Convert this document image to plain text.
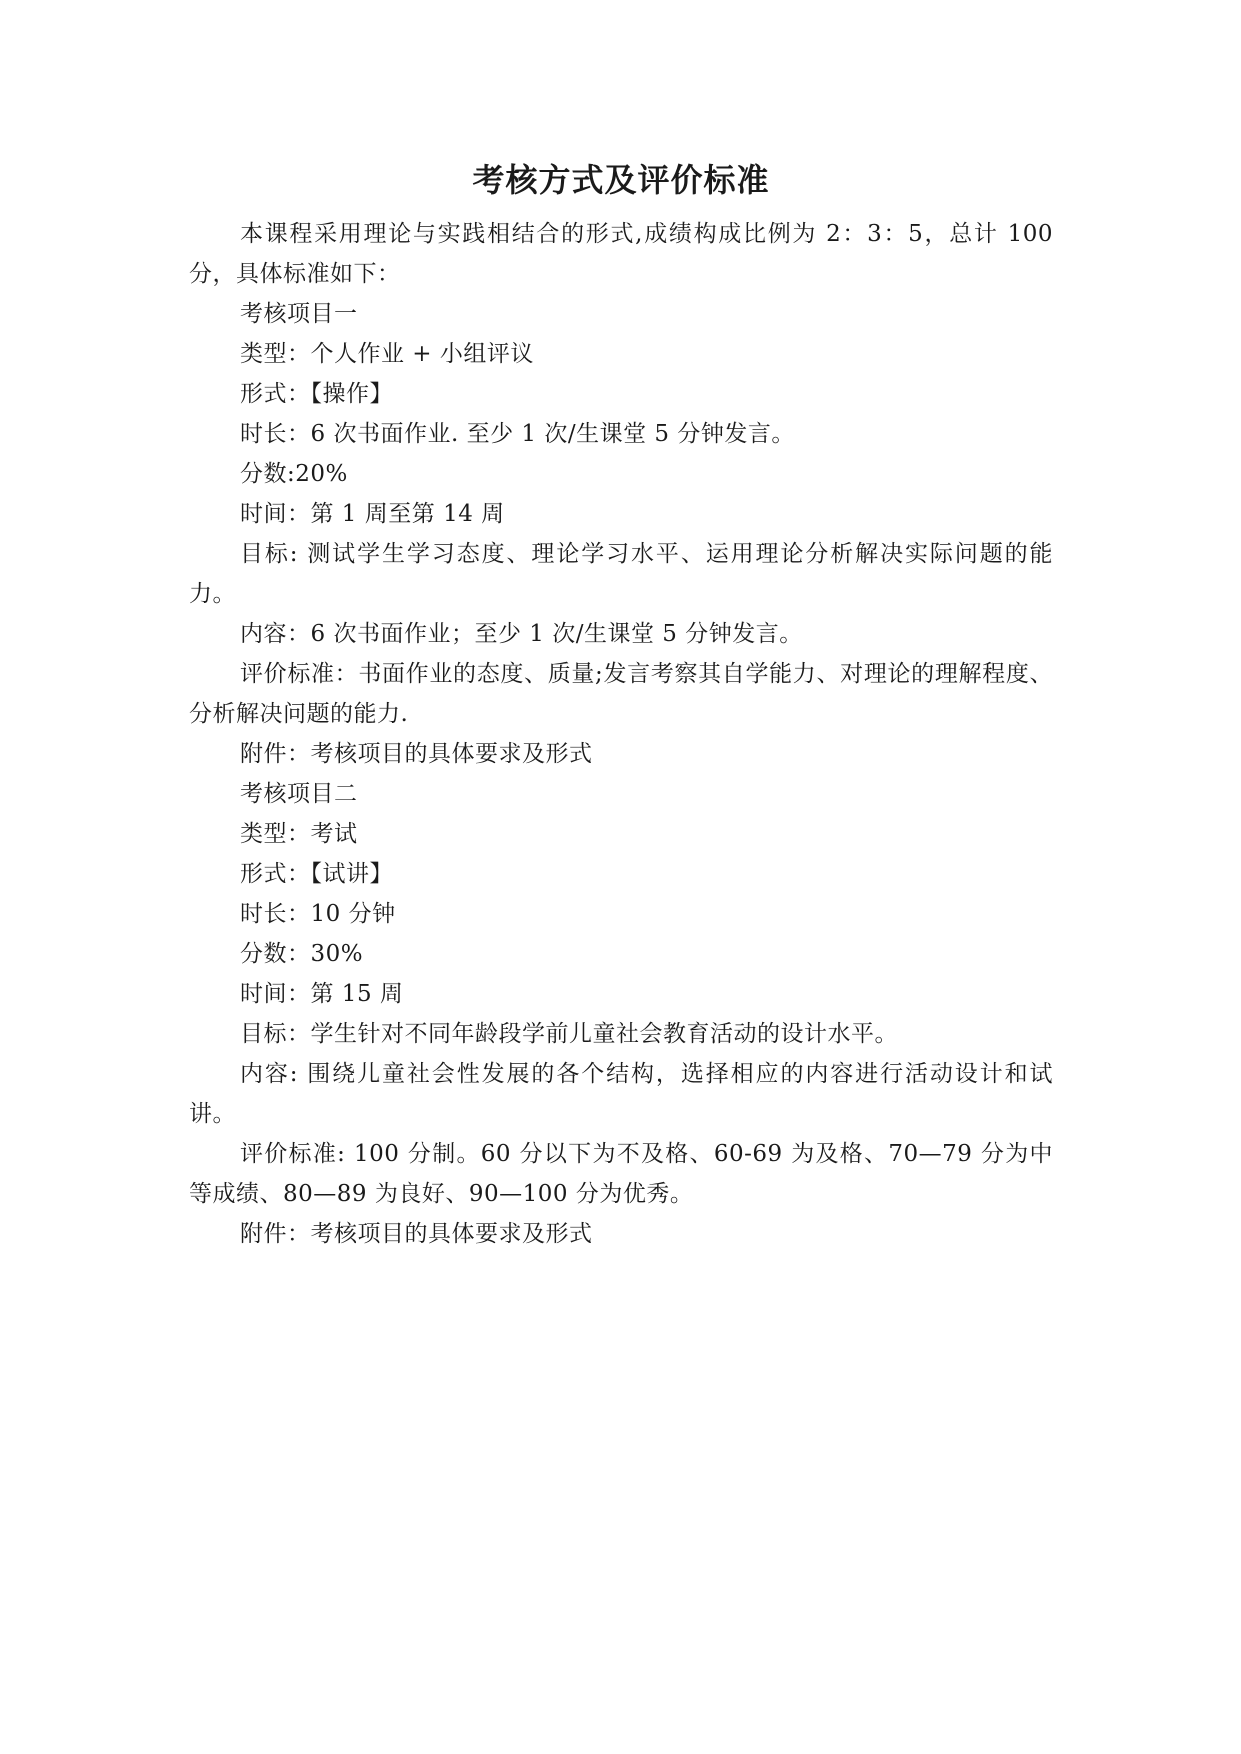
考核方式及评价标准

本课程采用理论与实践相结合的形式,成绩构成比例为 2：3：5，总计 100 分，具体标准如下：

考核项目一

类型：个人作业 + 小组评议

形式：【操作】

时长：6 次书面作业. 至少 1 次/生课堂 5 分钟发言。

分数:20%

时间：第 1 周至第 14 周

目标: 测试学生学习态度、理论学习水平、运用理论分析解决实际问题的能力。

内容：6 次书面作业；至少 1 次/生课堂 5 分钟发言。

评价标准：书面作业的态度、质量;发言考察其自学能力、对理论的理解程度、分析解决问题的能力.

附件：考核项目的具体要求及形式

考核项目二

类型：考试

形式：【试讲】

时长：10 分钟

分数：30%

时间：第 15 周

目标：学生针对不同年龄段学前儿童社会教育活动的设计水平。

内容: 围绕儿童社会性发展的各个结构，选择相应的内容进行活动设计和试讲。

评价标准: 100 分制。60 分以下为不及格、60-69 为及格、70—79 分为中等成绩、80—89 为良好、90—100 分为优秀。

附件：考核项目的具体要求及形式
